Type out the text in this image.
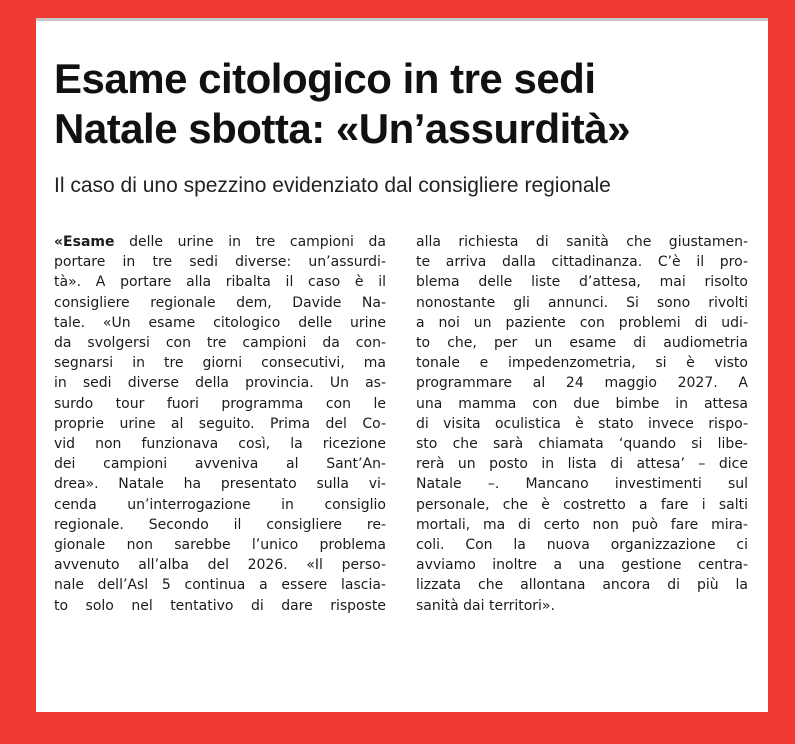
Esame citologico in tre sedi
Natale sbotta: «Un’assurdità»
Il caso di uno spezzino evidenziato dal consigliere regionale
«Esame delle urine in tre campioni da
portare in tre sedi diverse: un’assurdi-
tà». A portare alla ribalta il caso è il
consigliere regionale dem, Davide Na-
tale. «Un esame citologico delle urine
da svolgersi con tre campioni da con-
segnarsi in tre giorni consecutivi, ma
in sedi diverse della provincia. Un as-
surdo tour fuori programma con le
proprie urine al seguito. Prima del Co-
vid non funzionava così, la ricezione
dei campioni avveniva al Sant’An-
drea». Natale ha presentato sulla vi-
cenda un’interrogazione in consiglio
regionale. Secondo il consigliere re-
gionale non sarebbe l’unico problema
avvenuto all’alba del 2026. «Il perso-
nale dell’Asl 5 continua a essere lascia-
to solo nel tentativo di dare risposte
alla richiesta di sanità che giustamen-
te arriva dalla cittadinanza. C’è il pro-
blema delle liste d’attesa, mai risolto
nonostante gli annunci. Si sono rivolti
a noi un paziente con problemi di udi-
to che, per un esame di audiometria
tonale e impedenzometria, si è visto
programmare al 24 maggio 2027. A
una mamma con due bimbe in attesa
di visita oculistica è stato invece rispo-
sto che sarà chiamata ‘quando si libe-
rerà un posto in lista di attesa’ – dice
Natale –. Mancano investimenti sul
personale, che è costretto a fare i salti
mortali, ma di certo non può fare mira-
coli. Con la nuova organizzazione ci
avviamo inoltre a una gestione centra-
lizzata che allontana ancora di più la
sanità dai territori».
